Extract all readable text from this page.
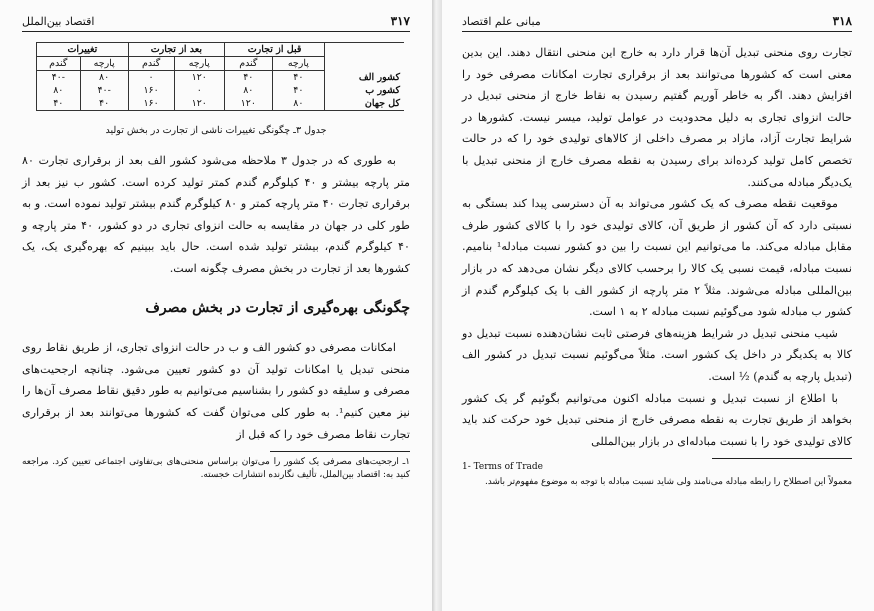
۳۱۷
اقتصاد بین‌الملل
	قبل از تجارت		بعد از تجارت		تغییرات	
	پارچه	گندم	پارچه	گندم	پارچه	گندم
کشور الف	۴۰	۴۰	۱۲۰	۰	۸۰	-۴۰
کشور ب	۴۰	۸۰	۰	۱۶۰	-۴۰	۸۰
کل جهان	۸۰	۱۲۰	۱۲۰	۱۶۰	۴۰	۴۰
جدول ۳ـ چگونگی تغییرات ناشی از تجارت در بخش تولید

به طوری که در جدول ۳ ملاحظه می‌شود کشور الف بعد از برقراری تجارت ۸۰ متر پارچه بیشتر و ۴۰ کیلوگرم گندم کمتر تولید کرده است. کشور ب نیز بعد از برقراری تجارت ۴۰ متر پارچه کمتر و ۸۰ کیلوگرم گندم بیشتر تولید نموده است. و به طور کلی در جهان در مقایسه به حالت انزوای تجاری در دو کشور، ۴۰ متر پارچه و ۴۰ کیلوگرم گندم، بیشتر تولید شده است. حال باید ببینیم که بهره‌گیری یک، یک کشورها بعد از تجارت در بخش مصرف چگونه است.

چگونگی بهره‌گیری از تجارت در بخش مصرف

امکانات مصرفی دو کشور الف و ب در حالت انزوای تجاری، از طریق نقاط روی منحنی تبدیل یا امکانات تولید آن دو کشور تعیین می‌شود. چنانچه ارجحیت‌های مصرفی و سلیقه دو کشور را بشناسیم می‌توانیم به طور دقیق نقاط مصرف آن‌ها را نیز معین کنیم¹. به طور کلی می‌توان گفت که کشورها می‌توانند بعد از برقراری تجارت نقاط مصرف خود را که قبل از

۱ـ ارجحیت‌های مصرفی یک کشور را می‌توان براساس منحنی‌های بی‌تفاوتی اجتماعی تعیین کرد. مراجعه کنید به: اقتصاد بین‌الملل، تألیف نگارنده انتشارات خجسته.
۳۱۸
مبانی علم اقتصاد

تجارت روی منحنی تبدیل آن‌ها قرار دارد به خارج این منحنی انتقال دهند. این بدین معنی است که کشورها می‌توانند بعد از برقراری تجارت امکانات مصرفی خود را افزایش دهند. اگر به خاطر آوریم گفتیم رسیدن به نقاط خارج از منحنی تبدیل در حالت انزوای تجاری به دلیل محدودیت در عوامل تولید، میسر نیست. کشورها در شرایط تجارت آزاد، مازاد بر مصرف داخلی از کالاهای تولیدی خود را که در حالت تخصص کامل تولید کرده‌اند برای رسیدن به نقطه مصرف خارج از منحنی تبدیل با یک‌دیگر مبادله می‌کنند.

موقعیت نقطه مصرف که یک کشور می‌تواند به آن دسترسی پیدا کند بستگی به نسبتی دارد که آن کشور از طریق آن، کالای تولیدی خود را با کالای کشور طرف مقابل مبادله می‌کند. ما می‌توانیم این نسبت را بین دو کشور نسبت مبادله¹ بنامیم. نسبت مبادله، قیمت نسبی یک کالا را برحسب کالای دیگر نشان می‌دهد که در بازار بین‌المللی مبادله می‌شوند. مثلاً ۲ متر پارچه از کشور الف با یک کیلوگرم گندم از کشور ب مبادله شود می‌گوئیم نسبت مبادله ۲ به ۱ است.

شیب منحنی تبدیل در شرایط هزینه‌های فرصتی ثابت نشان‌دهنده نسبت تبدیل دو کالا به یکدیگر در داخل یک کشور است. مثلاً می‌گوئیم نسبت تبدیل در کشور الف (تبدیل پارچه به گندم) ½ است.

با اطلاع از نسبت تبدیل و نسبت مبادله اکنون می‌توانیم بگوئیم گر یک کشور بخواهد از طریق تجارت به نقطه مصرفی خارج از منحنی تبدیل خود حرکت کند باید کالای تولیدی خود را با نسبت مبادله‌ای در بازار بین‌المللی

1- Terms of Trade
معمولاً این اصطلاح را رابطه مبادله می‌نامند ولی شاید نسبت مبادله با توجه به موضوع مفهوم‌تر باشد.
